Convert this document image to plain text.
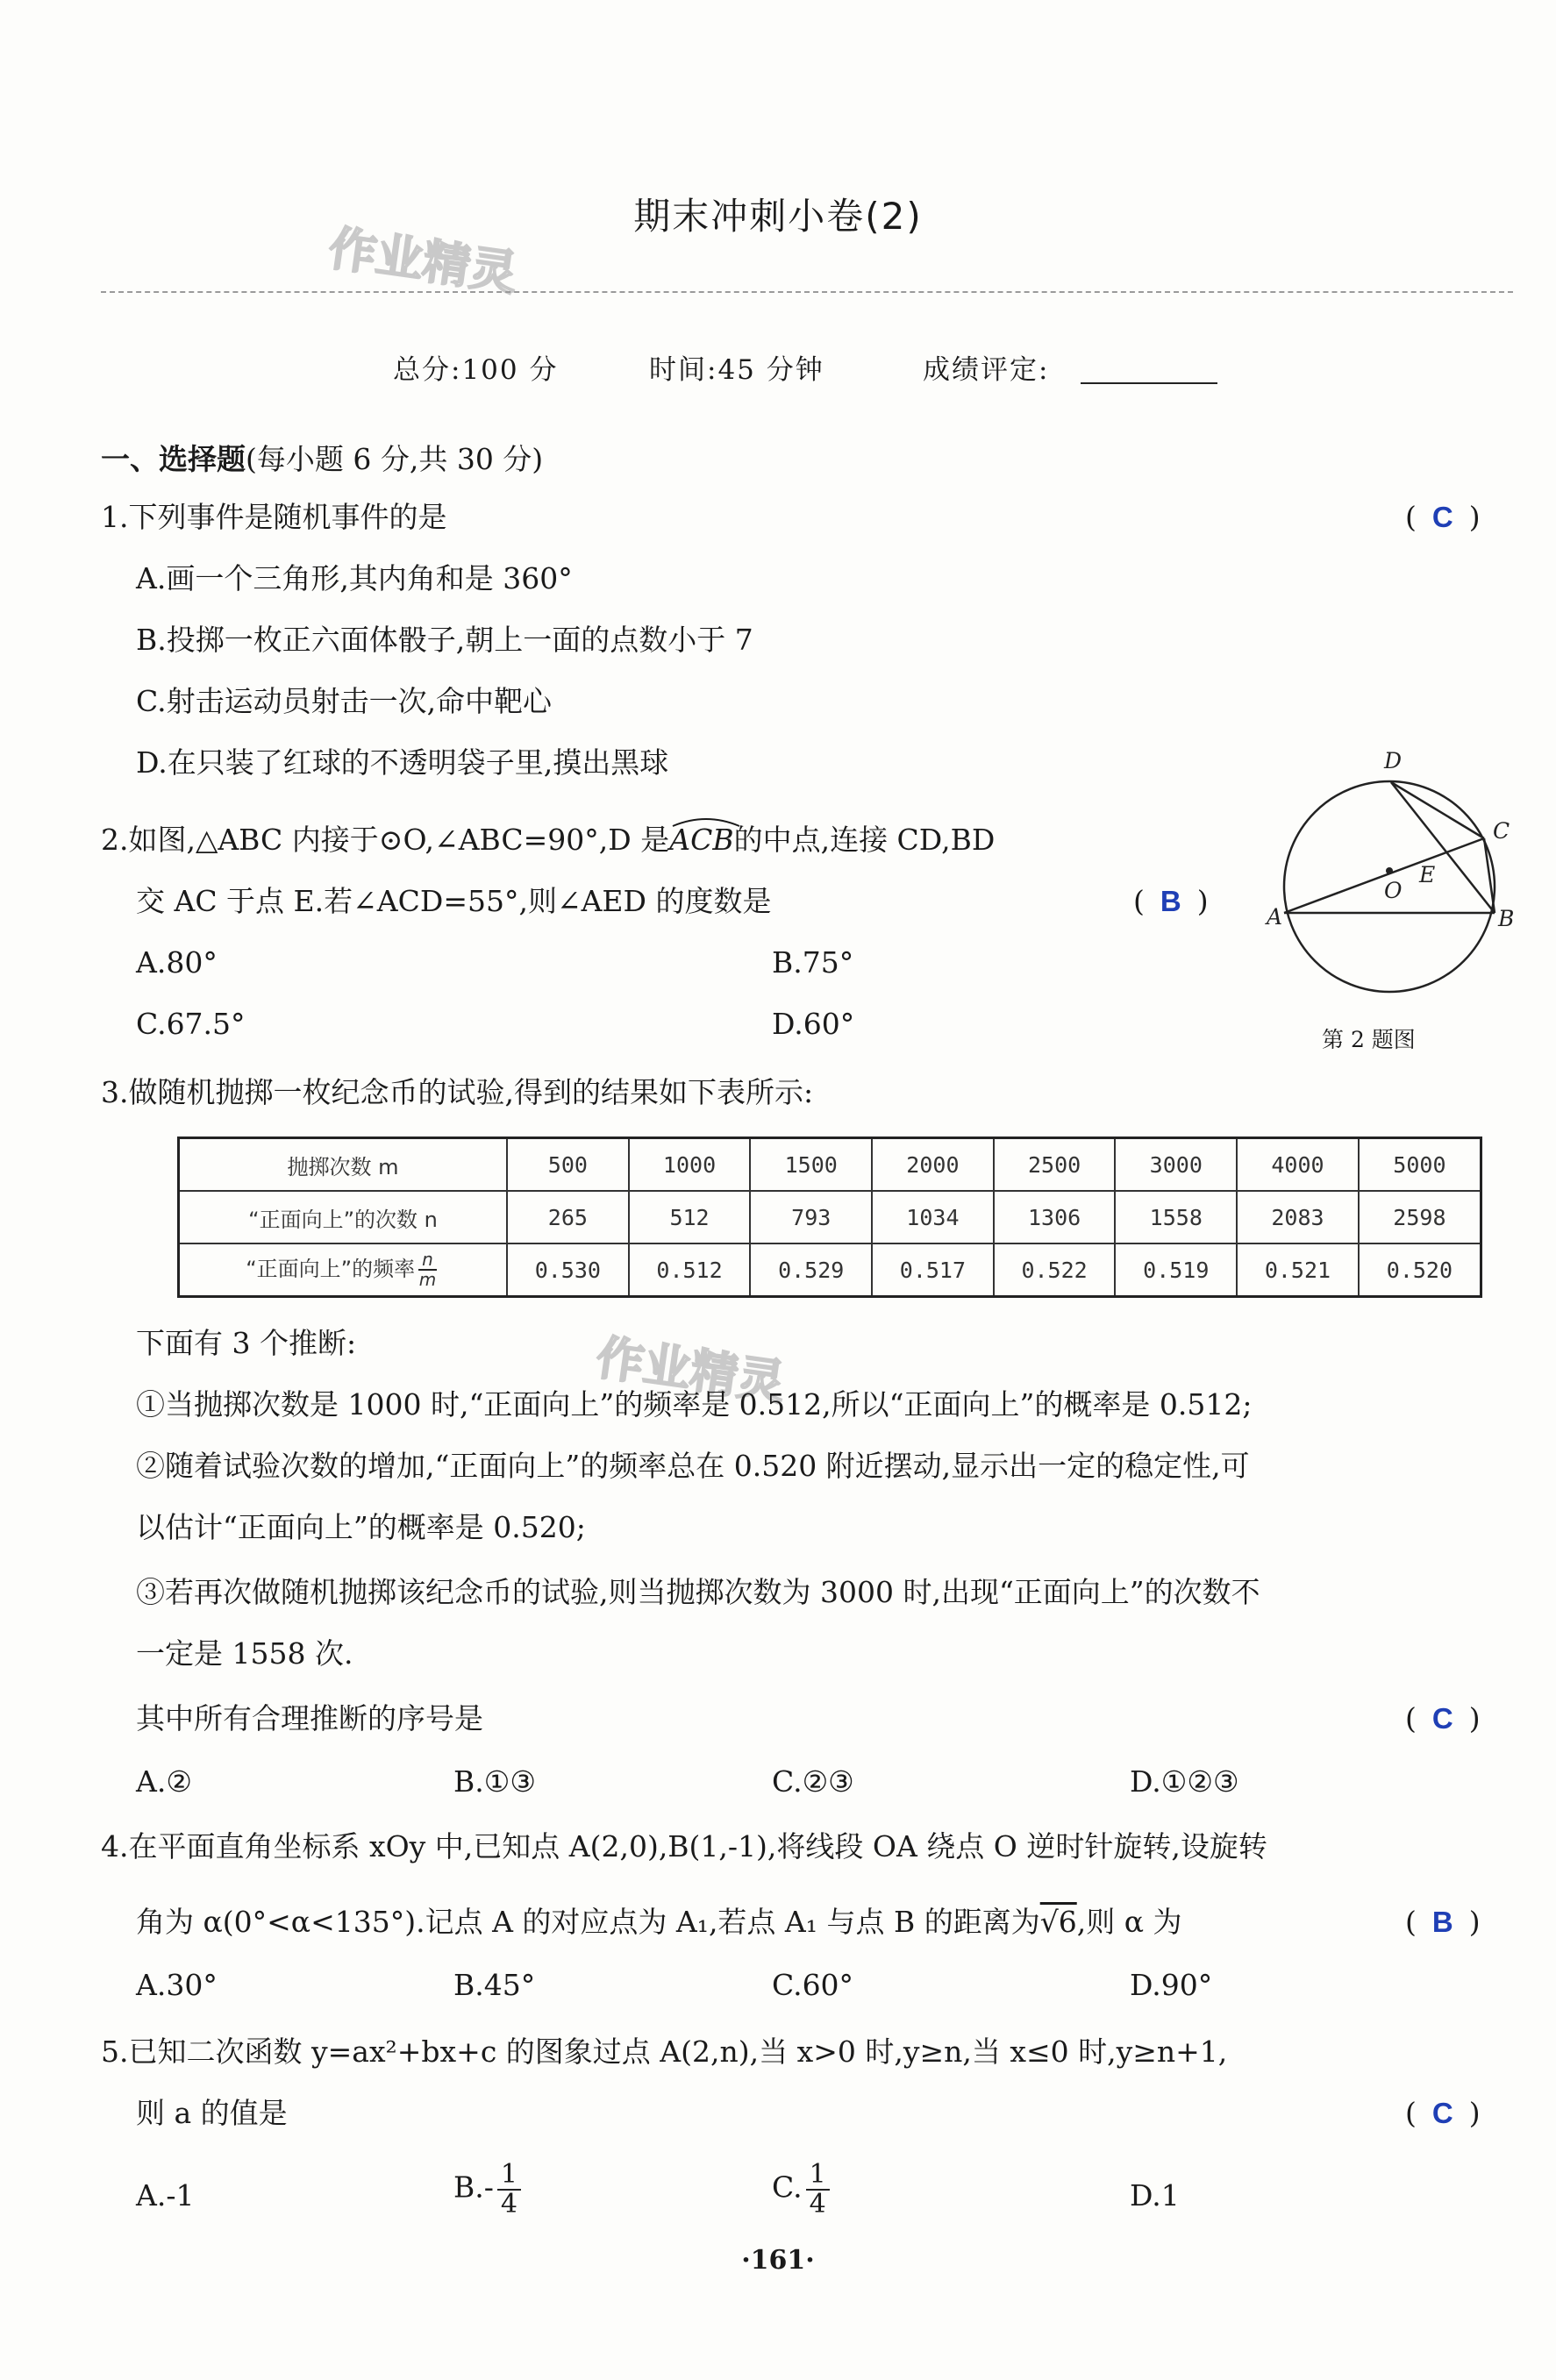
期末冲刺小卷(2)
作业精灵
总分:100 分	时间:45 分钟	成绩评定:
一、选择题(每小题 6 分,共 30 分)
1.下列事件是随机事件的是	( C )
A.画一个三角形,其内角和是 360°
B.投掷一枚正六面体骰子,朝上一面的点数小于 7
C.射击运动员射击一次,命中靶心
D.在只装了红球的不透明袋子里,摸出黑球
2.如图,△ABC 内接于⊙O,∠ABC=90°,D 是
ACB的中点,连接 CD,BD
交 AC 于点 E.若∠ACD=55°,则∠AED 的度数是	( B )
A.80°	B.75°
C.67.5°	D.60°
D
C
O
E
A	B
第 2 题图
3.做随机抛掷一枚纪念币的试验,得到的结果如下表所示:
抛掷次数 m	500	1000	1500	2000	2500	3000	4000	5000
“正面向上”的次数 n	265	512	793	1034	1306	1558	2083	2598
“正面向上”的频率 $\frac{n}{m}$	0.530	0.512	0.529	0.517	0.522	0.519	0.521	0.520
下面有 3 个推断:	作业精灵
①当抛掷次数是 1000 时,“正面向上”的频率是 0.512,所以“正面向上”的概率是 0.512;
②随着试验次数的增加,“正面向上”的频率总在 0.520 附近摆动,显示出一定的稳定性,可
以估计“正面向上”的概率是 0.520;
③若再次做随机抛掷该纪念币的试验,则当抛掷次数为 3000 时,出现“正面向上”的次数不
一定是 1558 次.
其中所有合理推断的序号是	( C )
A.②	B.①③	C.②③	D.①②③
4.在平面直角坐标系 xOy 中,已知点 A(2,0),B(1,-1),将线段 OA 绕点 O 逆时针旋转,设旋转
角为 α(0°<α<135°).记点 A 的对应点为 A₁,若点 A₁ 与点 B 的距离为√6,则 α 为	( B )
A.30°	B.45°	C.60°	D.90°
5.已知二次函数 y=ax²+bx+c 的图象过点 A(2,n),当 x>0 时,y≥n,当 x≤0 时,y≥n+1,
则 a 的值是	( C )
A.-1	$B.- \frac{1}{4}$	C. $\frac{1}{4}$	D.1
·161·
